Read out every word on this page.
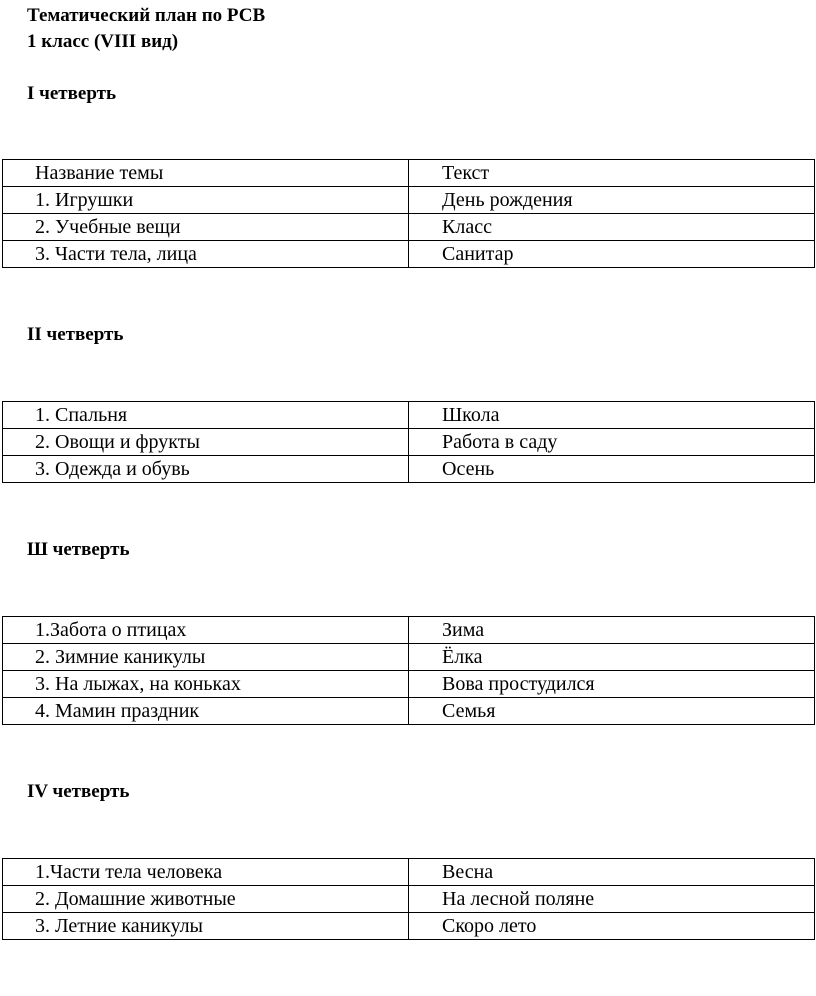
Тематический план по РСВ
1 класс (VIII вид)
I четверть
Название темы	Текст
1. Игрушки	День рождения
2. Учебные вещи	Класс
3. Части тела, лица	Санитар
II четверть
1. Спальня	Школа
2. Овощи и фрукты	Работа в саду
3. Одежда и обувь	Осень
Ш четверть
1.Забота о птицах	Зима
2. Зимние каникулы	Ёлка
3. На лыжах, на коньках	Вова простудился
4. Мамин праздник	Семья
IV четверть
1.Части тела человека	Весна
2. Домашние животные	На лесной поляне
3. Летние каникулы	Скоро лето
